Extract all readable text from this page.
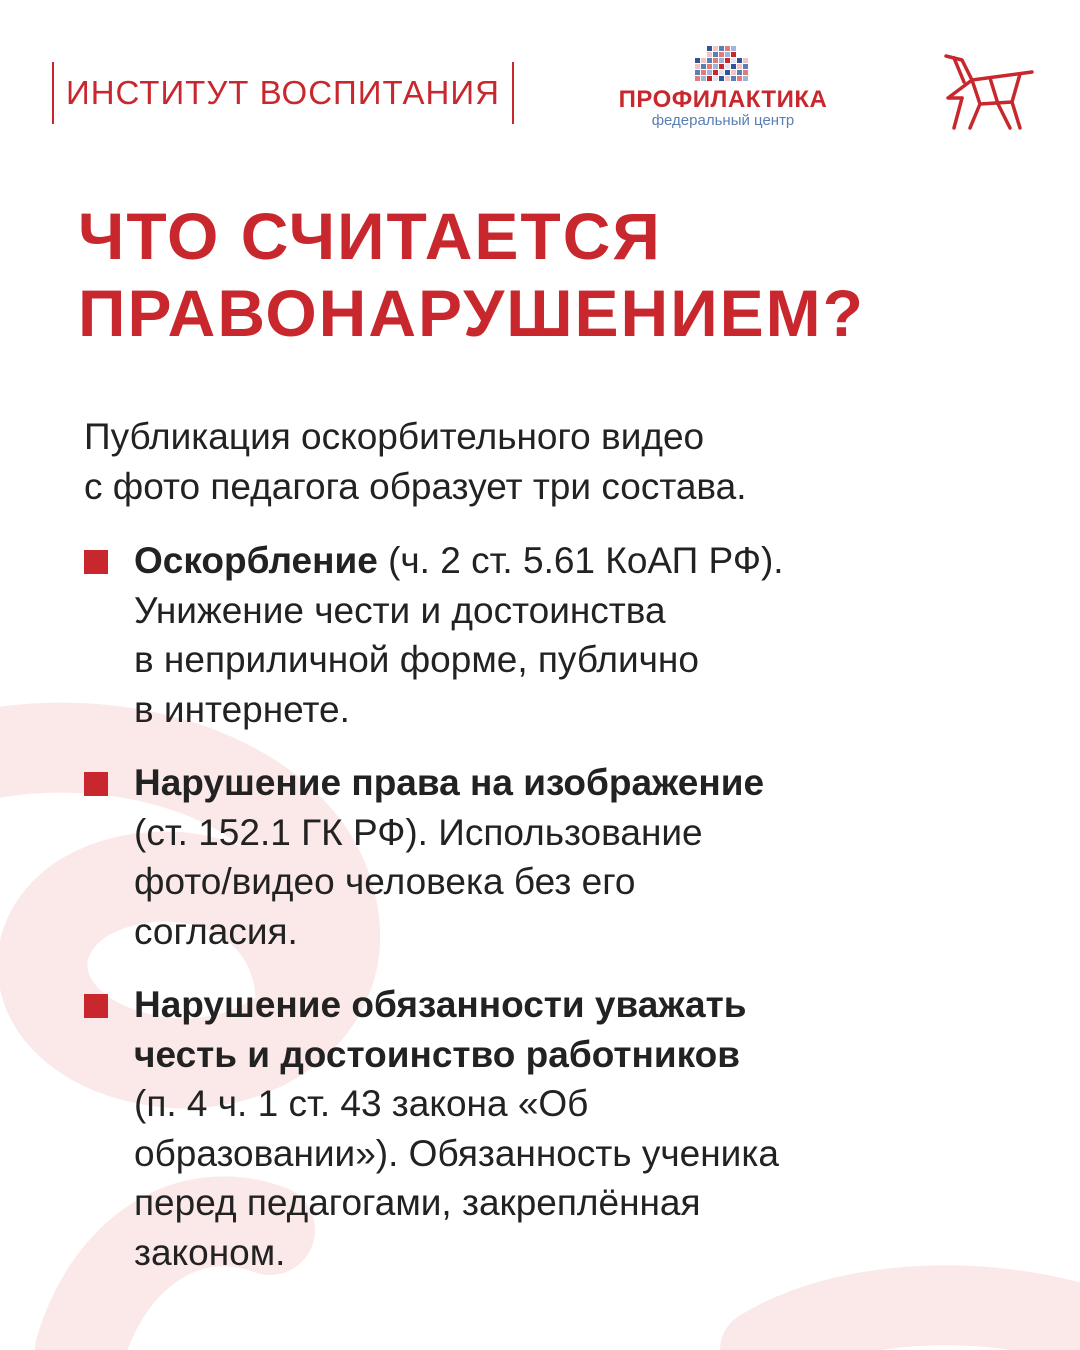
ИНСТИТУТ ВОСПИТАНИЯ	ПРОФИЛАКТИКА
федеральный центр
ЧТО СЧИТАЕТСЯ
ПРАВОНАРУШЕНИЕМ?
Публикация оскорбительного видео
с фото педагога образует три состава.
Оскорбление (ч. 2 ст. 5.61 КоАП РФ).
Унижение чести и достоинства
в неприличной форме, публично
в интернете.
Нарушение права на изображение
(ст. 152.1 ГК РФ). Использование
фото/видео человека без его
согласия.
Нарушение обязанности уважать
честь и достоинство работников
(п. 4 ч. 1 ст. 43 закона «Об
образовании»). Обязанность ученика
перед педагогами, закреплённая
законом.
